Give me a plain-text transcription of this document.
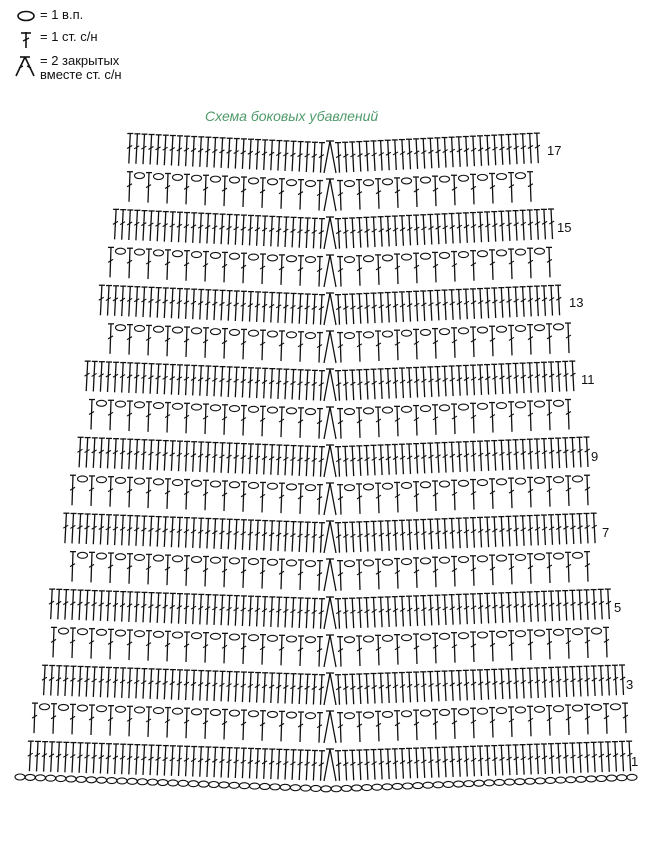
= 1 в.п.
= 1 ст. с/н
= 2 закрытых
вместе ст. с/н
Схема боковых убавлений
1
3
5
7
9
11
13
15
17
